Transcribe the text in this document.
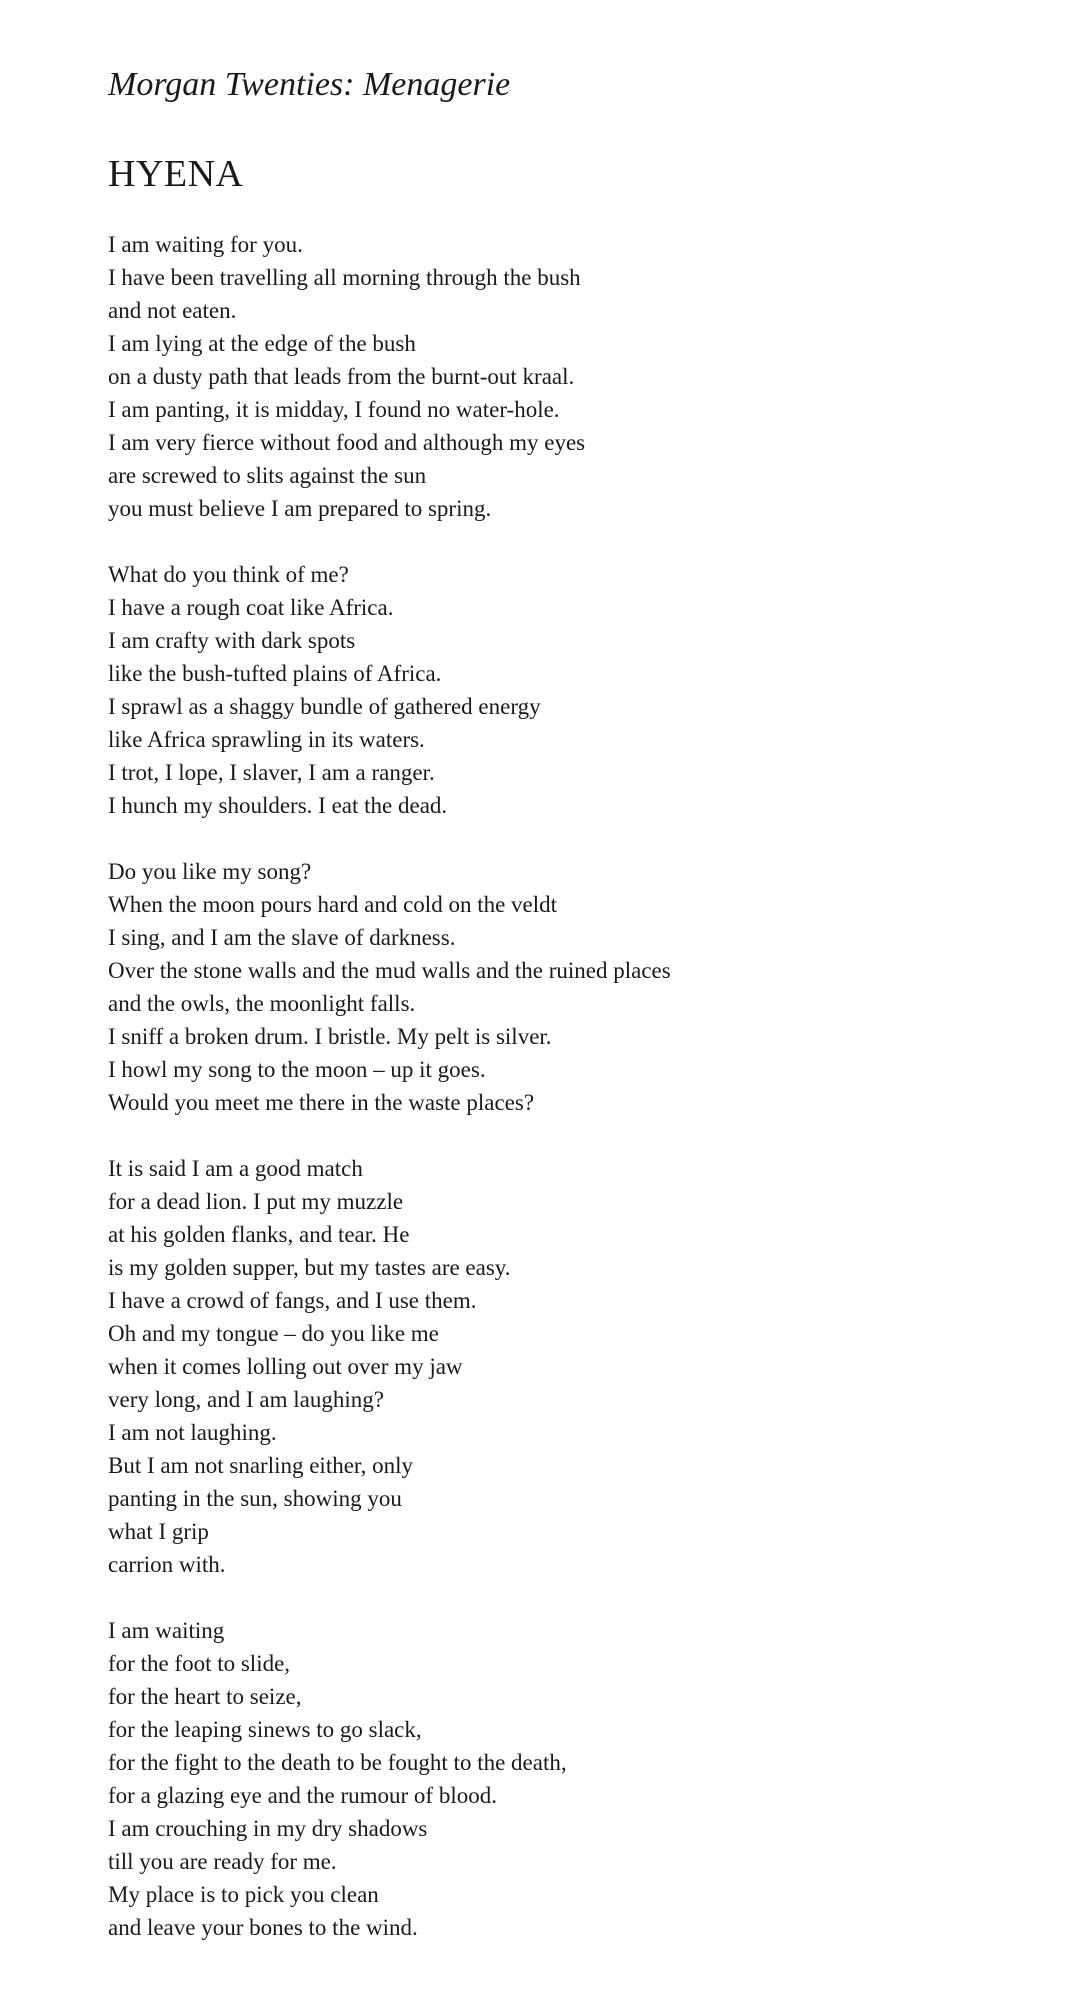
Morgan Twenties: Menagerie
HYENA
I am waiting for you.
I have been travelling all morning through the bush
and not eaten.
I am lying at the edge of the bush
on a dusty path that leads from the burnt-out kraal.
I am panting, it is midday, I found no water-hole.
I am very fierce without food and although my eyes
are screwed to slits against the sun
you must believe I am prepared to spring.
What do you think of me?
I have a rough coat like Africa.
I am crafty with dark spots
like the bush-tufted plains of Africa.
I sprawl as a shaggy bundle of gathered energy
like Africa sprawling in its waters.
I trot, I lope, I slaver, I am a ranger.
I hunch my shoulders. I eat the dead.
Do you like my song?
When the moon pours hard and cold on the veldt
I sing, and I am the slave of darkness.
Over the stone walls and the mud walls and the ruined places
and the owls, the moonlight falls.
I sniff a broken drum. I bristle. My pelt is silver.
I howl my song to the moon – up it goes.
Would you meet me there in the waste places?
It is said I am a good match
for a dead lion. I put my muzzle
at his golden flanks, and tear. He
is my golden supper, but my tastes are easy.
I have a crowd of fangs, and I use them.
Oh and my tongue – do you like me
when it comes lolling out over my jaw
very long, and I am laughing?
I am not laughing.
But I am not snarling either, only
panting in the sun, showing you
what I grip
carrion with.
I am waiting
for the foot to slide,
for the heart to seize,
for the leaping sinews to go slack,
for the fight to the death to be fought to the death,
for a glazing eye and the rumour of blood.
I am crouching in my dry shadows
till you are ready for me.
My place is to pick you clean
and leave your bones to the wind.
